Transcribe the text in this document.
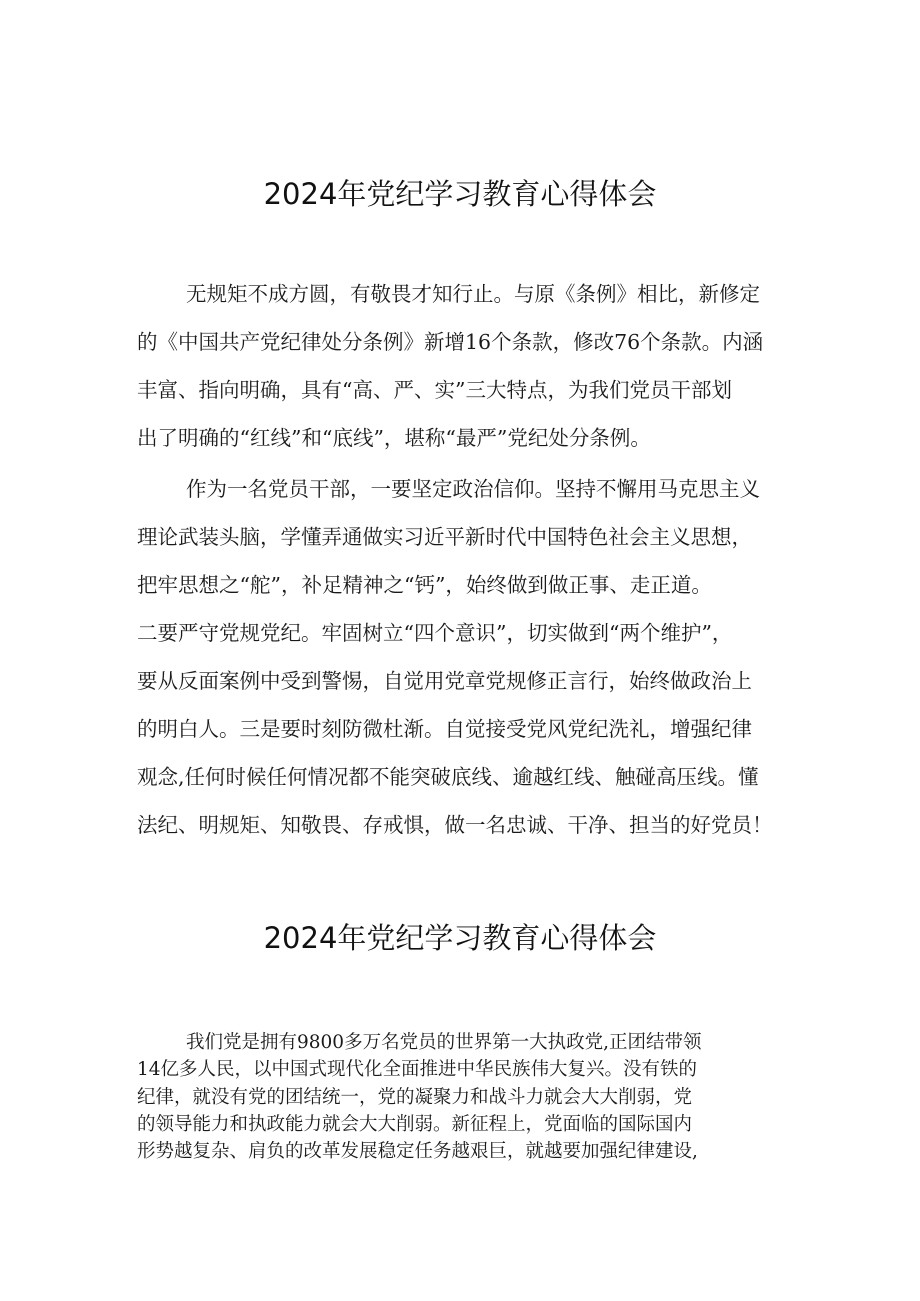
2024年党纪学习教育心得体会
无规矩不成方圆，有敬畏才知行止。与原《条例》相比，新修定
的《中国共产党纪律处分条例》新增16个条款，修改76个条款。内涵
丰富、指向明确，具有“高、严、实”三大特点，为我们党员干部划
出了明确的“红线”和“底线”，堪称“最严”党纪处分条例。
作为一名党员干部，一要坚定政治信仰。坚持不懈用马克思主义
理论武装头脑，学懂弄通做实习近平新时代中国特色社会主义思想，
把牢思想之“舵”，补足精神之“钙”，始终做到做正事、走正道。
二要严守党规党纪。牢固树立“四个意识”，切实做到“两个维护”，
要从反面案例中受到警惕，自觉用党章党规修正言行，始终做政治上
的明白人。三是要时刻防微杜渐。自觉接受党风党纪洗礼，增强纪律
观念,任何时候任何情况都不能突破底线、逾越红线、触碰高压线。懂
法纪、明规矩、知敬畏、存戒惧，做一名忠诚、干净、担当的好党员！
2024年党纪学习教育心得体会
我们党是拥有9800多万名党员的世界第一大执政党,正团结带领
14亿多人民，以中国式现代化全面推进中华民族伟大复兴。没有铁的
纪律，就没有党的团结统一，党的凝聚力和战斗力就会大大削弱，党
的领导能力和执政能力就会大大削弱。新征程上，党面临的国际国内
形势越复杂、肩负的改革发展稳定任务越艰巨，就越要加强纪律建设,
